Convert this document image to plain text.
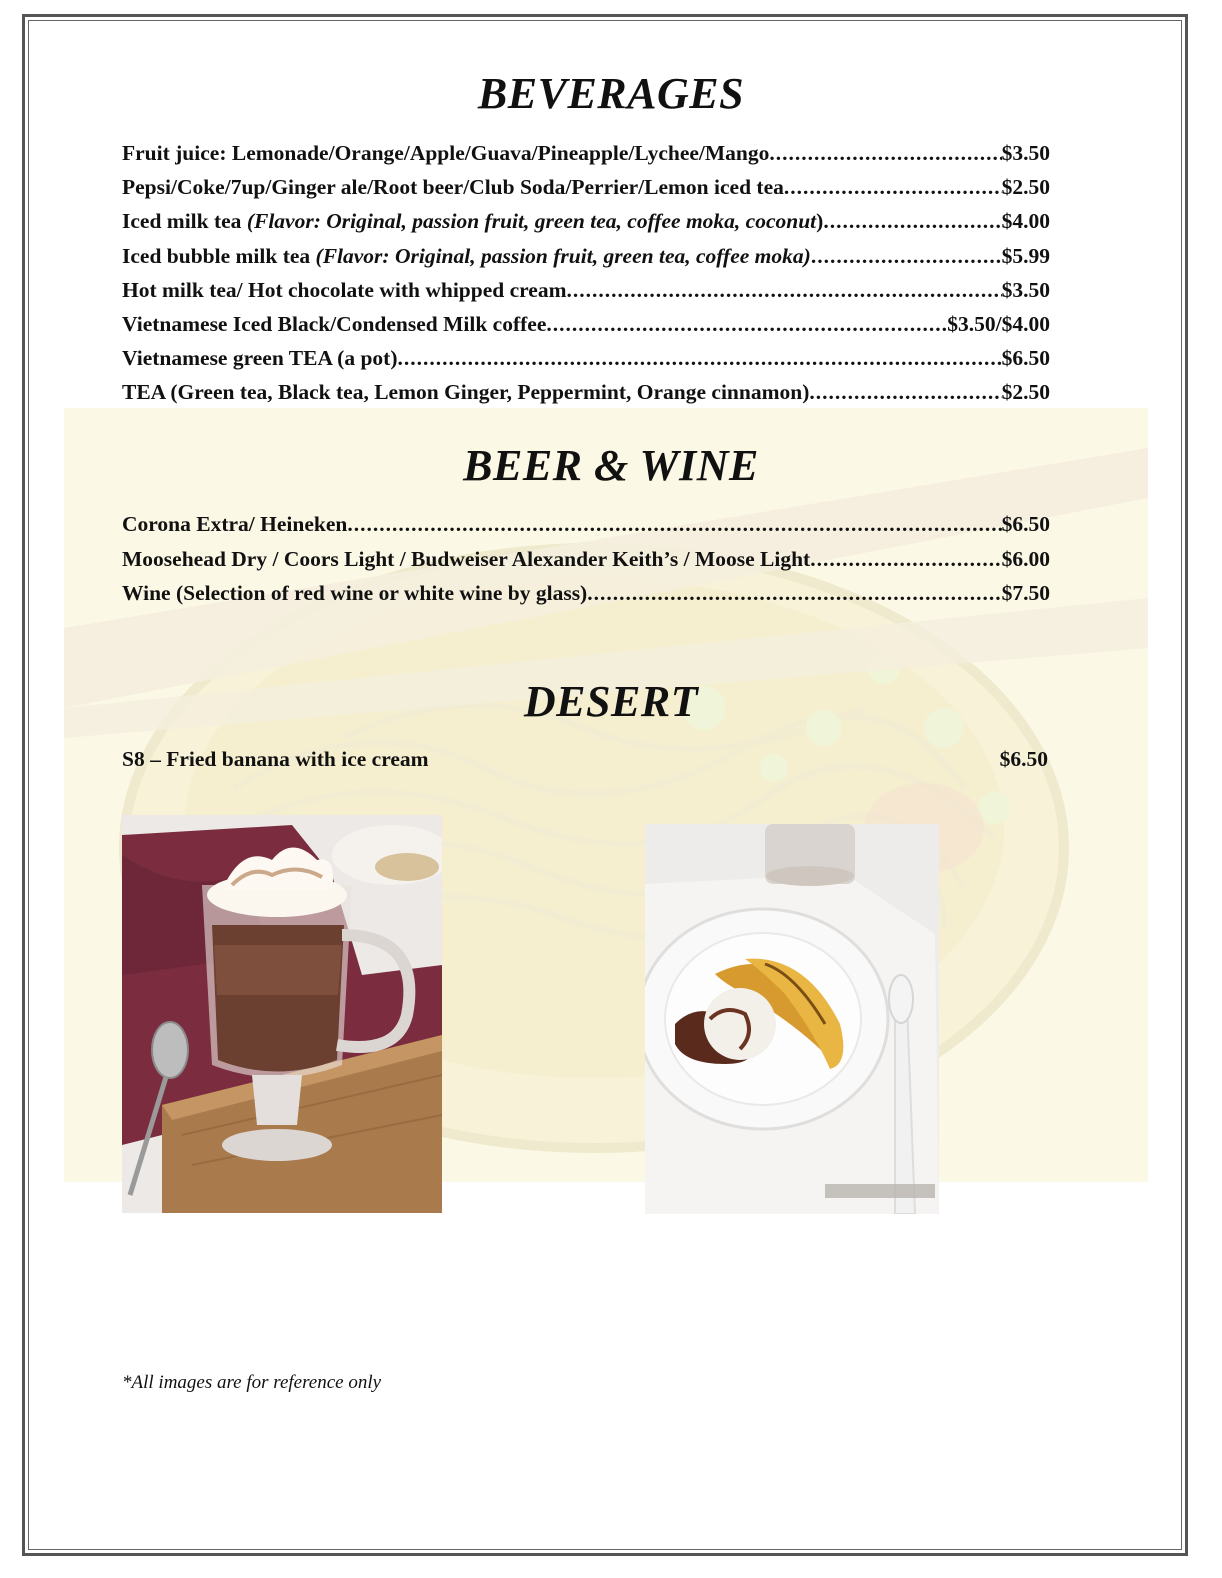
BEVERAGES
Fruit juice: Lemonade/Orange/Apple/Guava/Pineapple/Lychee/Mango .....	$3.50
Pepsi/Coke/7up/Ginger ale/Root beer/Club Soda/Perrier/Lemon iced tea .....	$2.50
Iced milk tea (Flavor: Original, passion fruit, green tea, coffee moka, coconut) .....	$4.00
Iced bubble milk tea (Flavor: Original, passion fruit, green tea, coffee moka) .....	$5.99
Hot milk tea/ Hot chocolate with whipped cream .....	$3.50
Vietnamese Iced Black/Condensed Milk coffee .....	$3.50/$4.00
Vietnamese green TEA (a pot) .....	$6.50
TEA (Green tea, Black tea, Lemon Ginger, Peppermint, Orange cinnamon) .....	$2.50
BEER & WINE
Corona Extra/ Heineken .....	$6.50
Moosehead Dry / Coors Light / Budweiser Alexander Keith’s / Moose Light .....	$6.00
Wine (Selection of red wine or white wine by glass) .....	$7.50
DESERT
S8 – Fried banana with ice cream	$6.50
*All images are for reference only
